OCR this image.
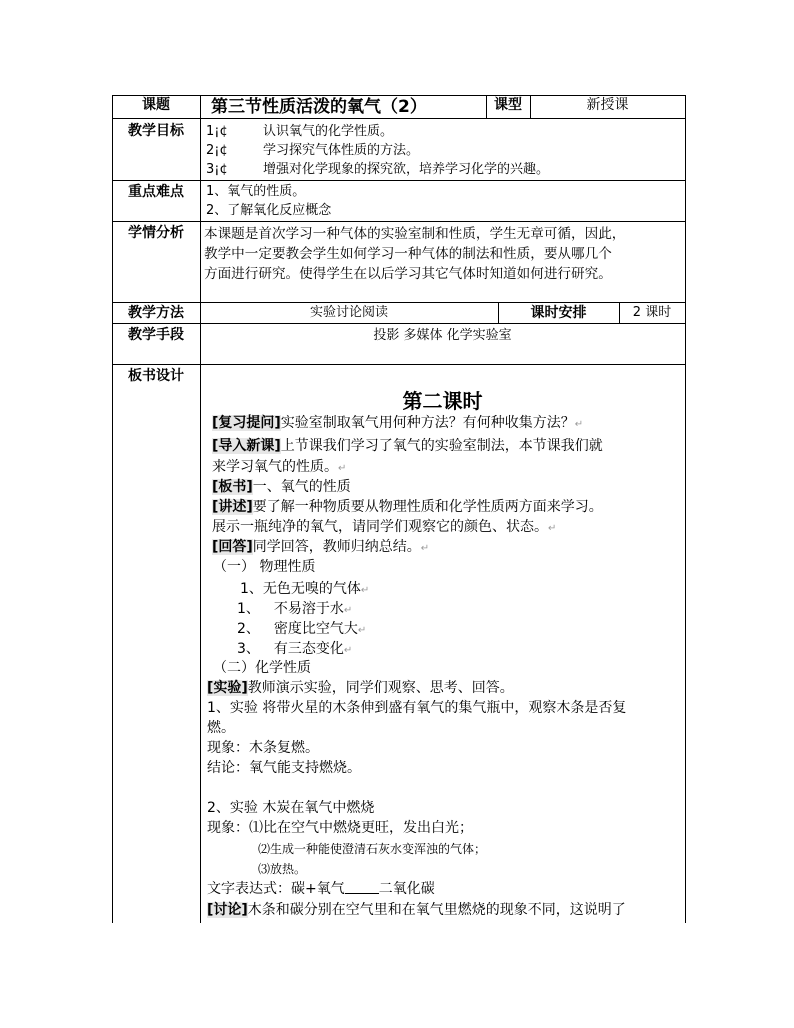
课题	第三节性质活泼的氧气（2）	课型	新授课
教学目标	1¡¢	认识氧气的化学性质。
2¡¢	学习探究气体性质的方法。
3¡¢	增强对化学现象的探究欲，培养学习化学的兴趣。
重点难点	1、氧气的性质。
2、了解氧化反应概念
学情分析	本课题是首次学习一种气体的实验室制和性质，学生无章可循，因此，
教学中一定要教会学生如何学习一种气体的制法和性质，要从哪几个
方面进行研究。使得学生在以后学习其它气体时知道如何进行研究。
教学方法	实验讨论阅读	课时安排	2 课时
教学手段	投影 多媒体 化学实验室
板书设计
第二课时
[复习提问]实验室制取氧气用何种方法？有何种收集方法？↵
[导入新课]上节课我们学习了氧气的实验室制法，本节课我们就
来学习氧气的性质。↵
[板书]一、氧气的性质
[讲述]要了解一种物质要从物理性质和化学性质两方面来学习。
展示一瓶纯净的氧气，请同学们观察它的颜色、状态。↵
[回答]同学回答，教师归纳总结。↵
（一） 物理性质
1、无色无嗅的气体↵
1、 不易溶于水↵
2、 密度比空气大↵
3、 有三态变化↵
（二）化学性质
[实验]教师演示实验，同学们观察、思考、回答。
1、实验 将带火星的木条伸到盛有氧气的集气瓶中，观察木条是否复
燃。
现象：木条复燃。
结论：氧气能支持燃烧。
2、实验 木炭在氧气中燃烧
现象：⑴比在空气中燃烧更旺，发出白光；
⑵生成一种能使澄清石灰水变浑浊的气体；
⑶放热。
文字表达式：碳+氧气 二氧化碳
[讨论]木条和碳分别在空气里和在氧气里燃烧的现象不同，这说明了
